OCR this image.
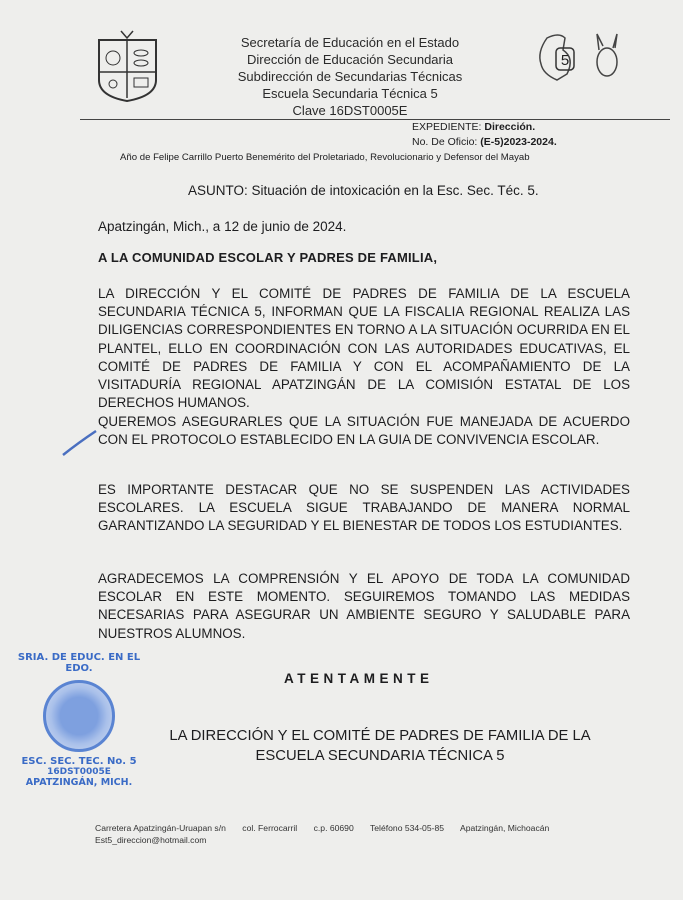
Secretaría de Educación en el Estado
Dirección de Educación Secundaria
Subdirección de Secundarias Técnicas
Escuela Secundaria Técnica 5
Clave 16DST0005E
5
EXPEDIENTE: Dirección.
No. De Oficio: (E-5)2023-2024.
Año de Felipe Carrillo Puerto Benemérito del Proletariado, Revolucionario y Defensor del Mayab
ASUNTO: Situación de intoxicación en la Esc. Sec. Téc. 5.
Apatzingán, Mich., a 12 de junio de 2024.
A LA COMUNIDAD ESCOLAR Y PADRES DE FAMILIA,
LA DIRECCIÓN Y EL COMITÉ DE PADRES DE FAMILIA DE LA ESCUELA SECUNDARIA TÉCNICA 5, INFORMAN QUE LA FISCALIA REGIONAL REALIZA LAS DILIGENCIAS CORRESPONDIENTES EN TORNO A LA SITUACIÓN OCURRIDA EN EL PLANTEL, ELLO EN COORDINACIÓN CON LAS AUTORIDADES EDUCATIVAS, EL COMITÉ DE PADRES DE FAMILIA Y CON EL ACOMPAÑAMIENTO DE LA VISITADURÍA REGIONAL APATZINGÁN DE LA COMISIÓN ESTATAL DE LOS DERECHOS HUMANOS.
QUEREMOS ASEGURARLES QUE LA SITUACIÓN FUE MANEJADA DE ACUERDO CON EL PROTOCOLO ESTABLECIDO EN LA GUIA DE CONVIVENCIA ESCOLAR.
ES IMPORTANTE DESTACAR QUE NO SE SUSPENDEN LAS ACTIVIDADES ESCOLARES. LA ESCUELA SIGUE TRABAJANDO DE MANERA NORMAL GARANTIZANDO LA SEGURIDAD Y EL BIENESTAR DE TODOS LOS ESTUDIANTES.
AGRADECEMOS LA COMPRENSIÓN Y EL APOYO DE TODA LA COMUNIDAD ESCOLAR EN ESTE MOMENTO. SEGUIREMOS TOMANDO LAS MEDIDAS NECESARIAS PARA ASEGURAR UN AMBIENTE SEGURO Y SALUDABLE PARA NUESTROS ALUMNOS.
ATENTAMENTE
LA DIRECCIÓN Y EL COMITÉ DE PADRES DE FAMILIA DE LA
ESCUELA SECUNDARIA TÉCNICA 5
SRIA. DE EDUC. EN EL EDO.
ESC. SEC. TEC. No. 5
16DST0005E
APATZINGÁN, MICH.
Carretera Apatzingán-Uruapan s/n col. Ferrocarril c.p. 60690 Teléfono 534-05-85 Apatzingán, Michoacán
Est5_direccion@hotmail.com
